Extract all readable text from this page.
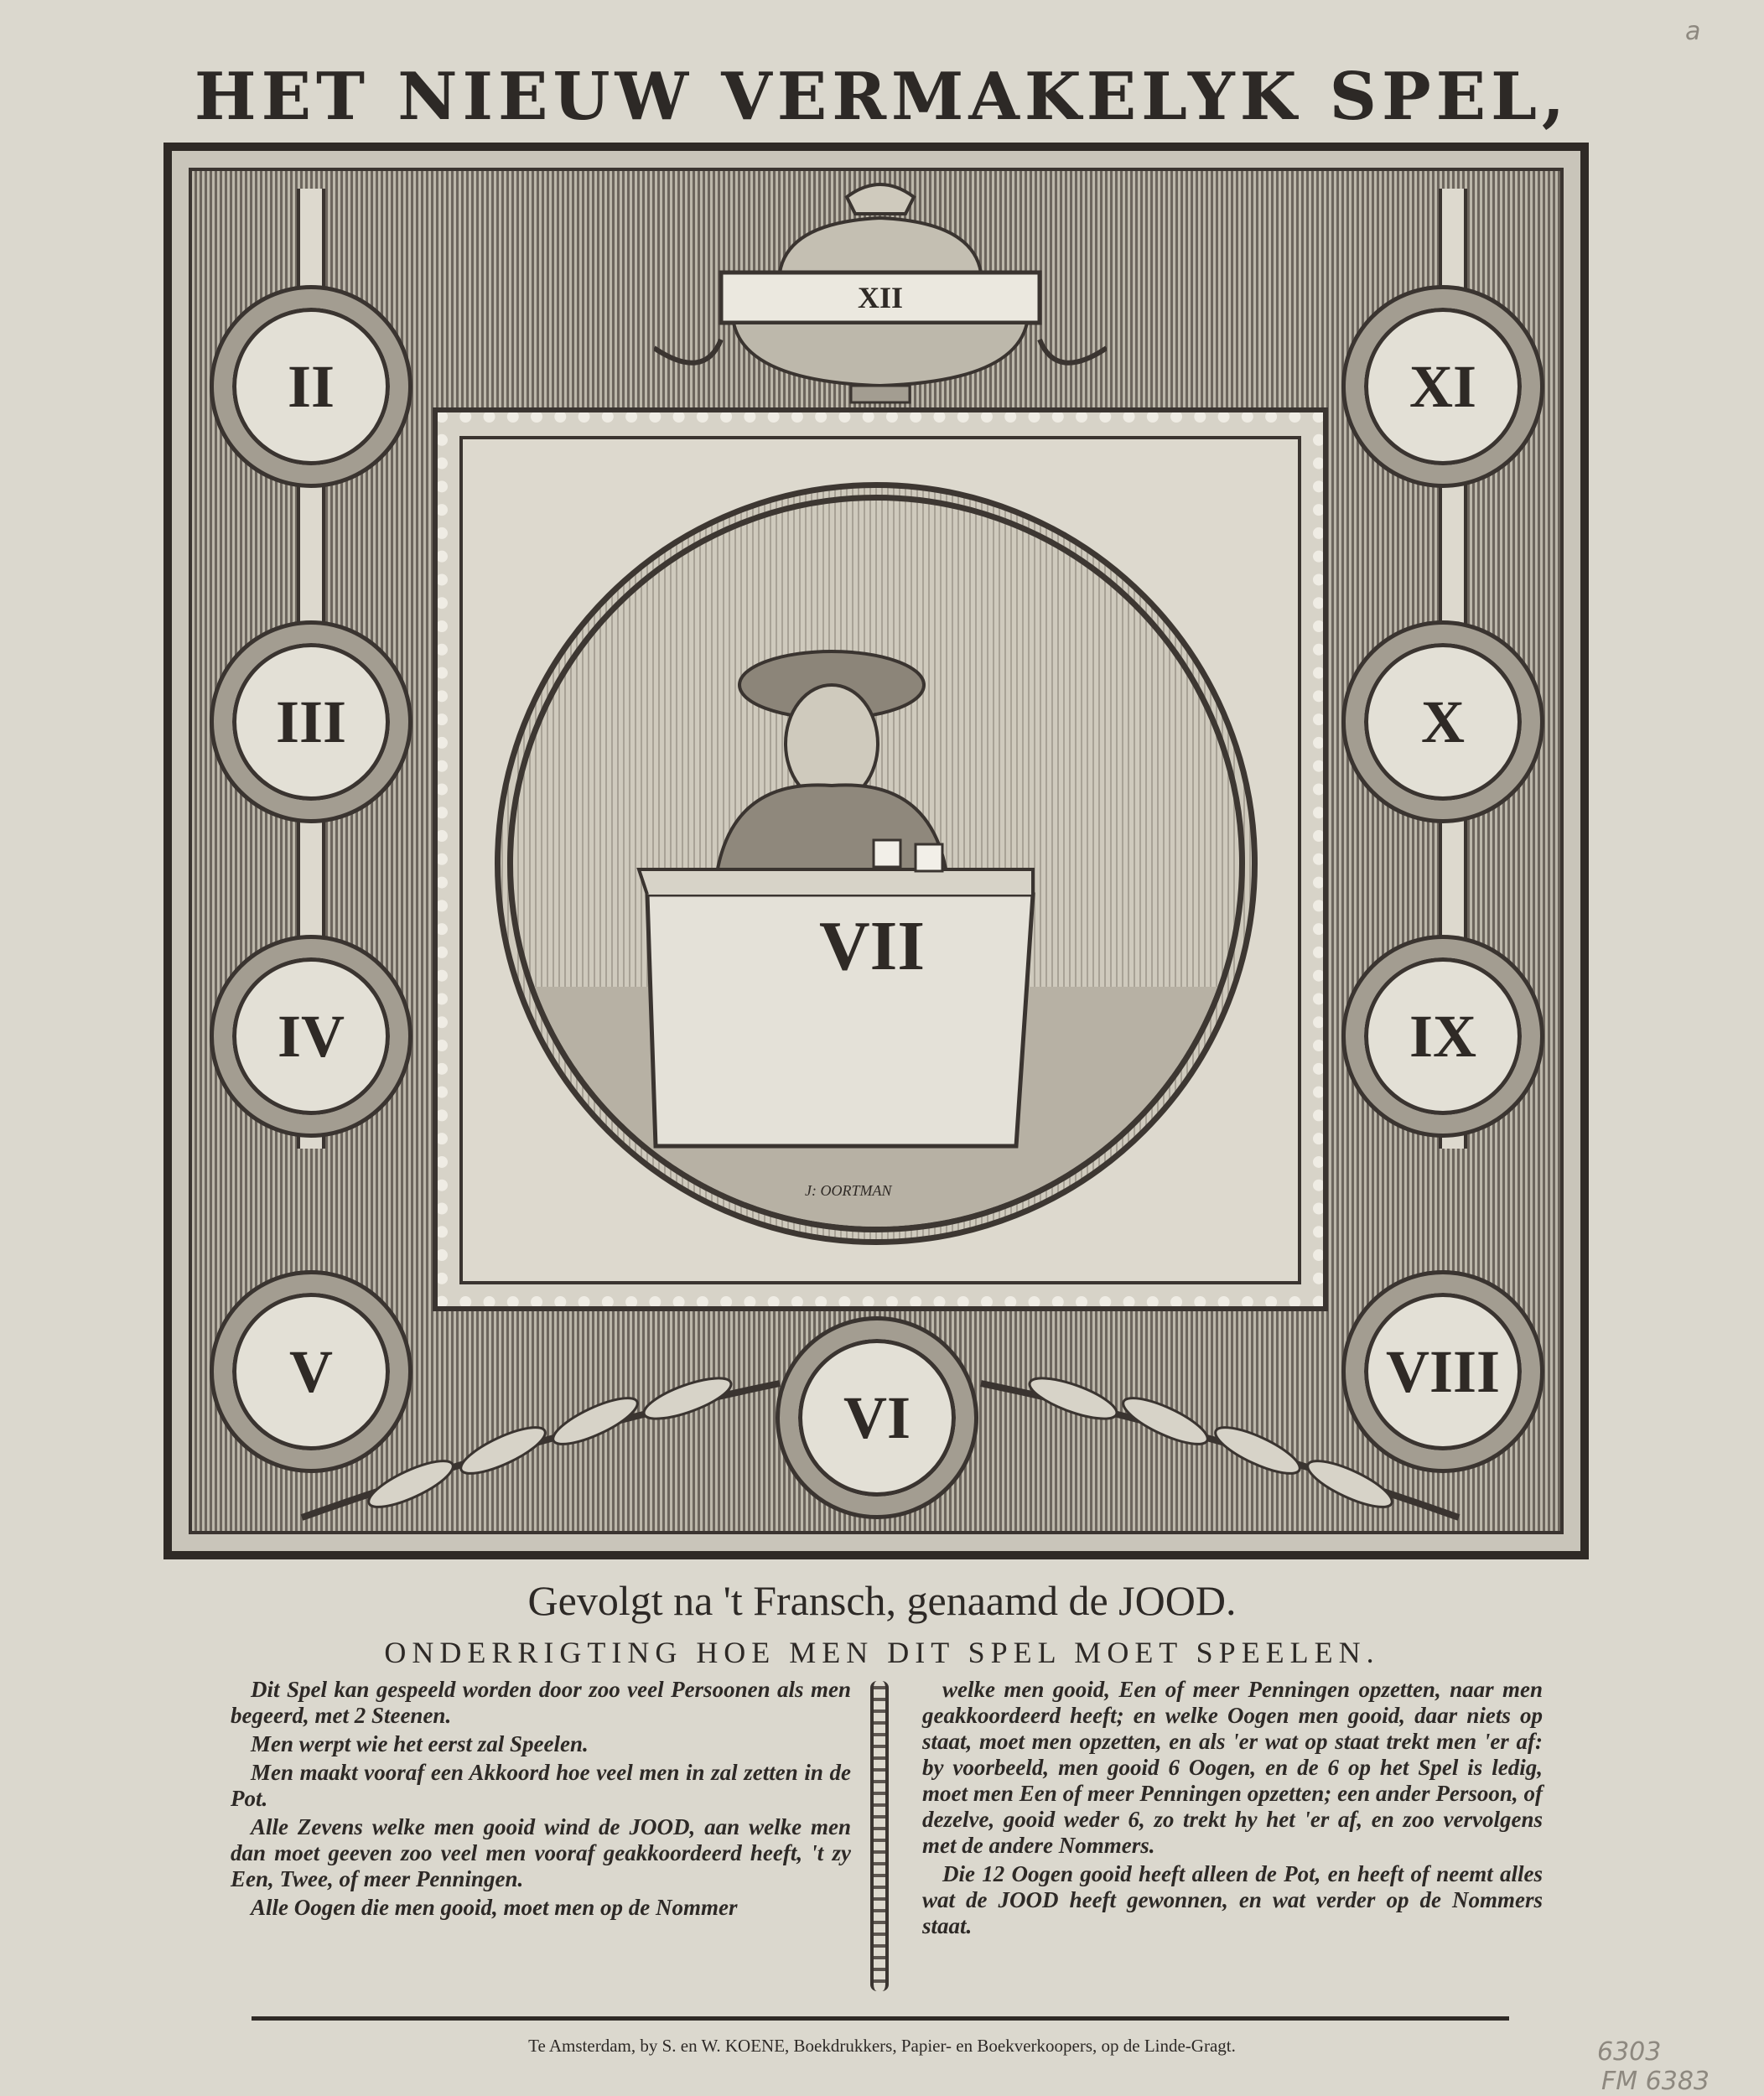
HET NIEUW VERMAKELYK SPEL,
XII
II
III
IV
V
XI
X
IX
VIII
VI
VII
J: OORTMAN
Gevolgt na 't Fransch, genaamd de JOOD.
ONDERRIGTING HOE MEN DIT SPEL MOET SPEELEN.

Dit Spel kan gespeeld worden door zoo veel Persoonen als men begeerd, met 2 Steenen.

Men werpt wie het eerst zal Speelen.

Men maakt vooraf een Akkoord hoe veel men in zal zetten in de Pot.

Alle Zevens welke men gooid wind de JOOD, aan welke men dan moet geeven zoo veel men vooraf geakkoordeerd heeft, 't zy Een, Twee, of meer Penningen.

Alle Oogen die men gooid, moet men op de Nommer

welke men gooid, Een of meer Penningen opzetten, naar men geakkoordeerd heeft; en welke Oogen men gooid, daar niets op staat, moet men opzetten, en als 'er wat op staat trekt men 'er af: by voorbeeld, men gooid 6 Oogen, en de 6 op het Spel is ledig, moet men Een of meer Penningen opzetten; een ander Persoon, of dezelve, gooid weder 6, zo trekt hy het 'er af, en zoo vervolgens met de andere Nommers.

Die 12 Oogen gooid heeft alleen de Pot, en heeft of neemt alles wat de JOOD heeft gewonnen, en wat verder op de Nommers staat.

Te Amsterdam, by S. en W. KOENE, Boekdrukkers, Papier- en Boekverkoopers, op de Linde-Gragt.
a
6303
FM 6383
